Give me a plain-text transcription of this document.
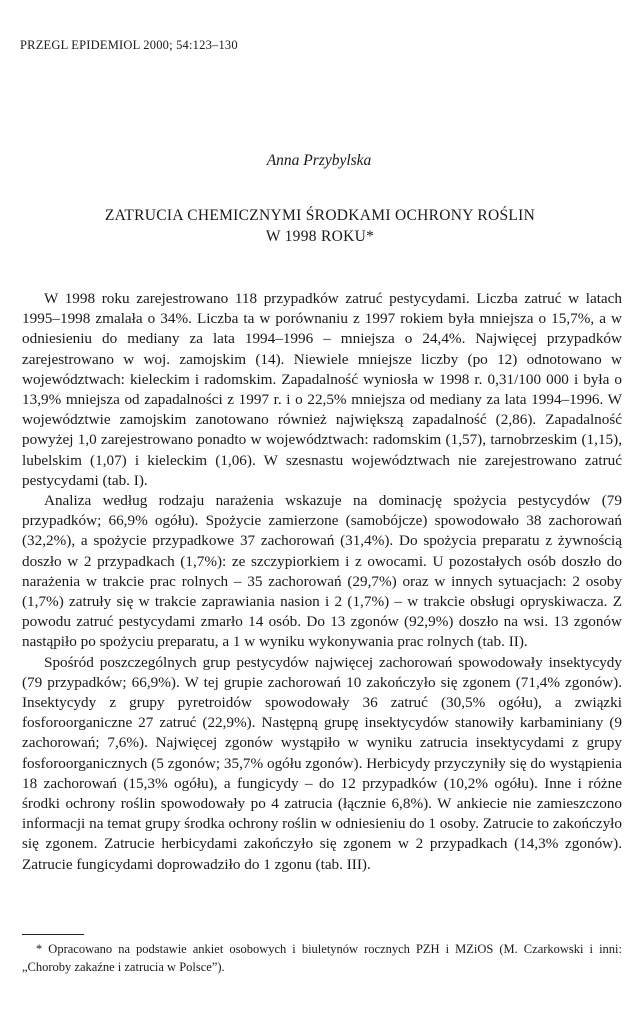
PRZEGL EPIDEMIOL 2000; 54:123–130
Anna Przybylska
ZATRUCIA CHEMICZNYMI ŚRODKAMI OCHRONY ROŚLIN
W 1998 ROKU*

W 1998 roku zarejestrowano 118 przypadków zatruć pestycydami. Liczba zatruć w latach 1995–1998 zmalała o 34%. Liczba ta w porównaniu z 1997 rokiem była mniejsza o 15,7%, a w odniesieniu do mediany za lata 1994–1996 – mniejsza o 24,4%. Najwięcej przypadków zarejestrowano w woj. zamojskim (14). Niewiele mniejsze liczby (po 12) odnotowano w województwach: kieleckim i radomskim. Zapadalność wyniosła w 1998 r. 0,31/100 000 i była o 13,9% mniejsza od zapadalności z 1997 r. i o 22,5% mniejsza od mediany za lata 1994–1996. W województwie zamojskim zanotowano również największą zapadalność (2,86). Zapadalność powyżej 1,0 zarejestrowano ponadto w województwach: radomskim (1,57), tarnobrzeskim (1,15), lubelskim (1,07) i kieleckim (1,06). W szesnastu województwach nie zarejestrowano zatruć pestycydami (tab. I).

Analiza według rodzaju narażenia wskazuje na dominację spożycia pestycydów (79 przypadków; 66,9% ogółu). Spożycie zamierzone (samobójcze) spowodowało 38 zachorowań (32,2%), a spożycie przypadkowe 37 zachorowań (31,4%). Do spożycia preparatu z żywnością doszło w 2 przypadkach (1,7%): ze szczypiorkiem i z owocami. U pozostałych osób doszło do narażenia w trakcie prac rolnych – 35 zachorowań (29,7%) oraz w innych sytuacjach: 2 osoby (1,7%) zatruły się w trakcie zaprawiania nasion i 2 (1,7%) – w trakcie obsługi opryskiwacza. Z powodu zatruć pestycydami zmarło 14 osób. Do 13 zgonów (92,9%) doszło na wsi. 13 zgonów nastąpiło po spożyciu preparatu, a 1 w wyniku wykonywania prac rolnych (tab. II).

Spośród poszczególnych grup pestycydów najwięcej zachorowań spowodowały insektycydy (79 przypadków; 66,9%). W tej grupie zachorowań 10 zakończyło się zgonem (71,4% zgonów). Insektycydy z grupy pyretroidów spowodowały 36 zatruć (30,5% ogółu), a związki fosforoorganiczne 27 zatruć (22,9%). Następną grupę insektycydów stanowiły karbaminiany (9 zachorowań; 7,6%). Najwięcej zgonów wystąpiło w wyniku zatrucia insektycydami z grupy fosforoorganicznych (5 zgonów; 35,7% ogółu zgonów). Herbicydy przyczyniły się do wystąpienia 18 zachorowań (15,3% ogółu), a fungicydy – do 12 przypadków (10,2% ogółu). Inne i różne środki ochrony roślin spowodowały po 4 zatrucia (łącznie 6,8%). W ankiecie nie zamieszczono informacji na temat grupy środka ochrony roślin w odniesieniu do 1 osoby. Zatrucie to zakończyło się zgonem. Zatrucie herbicydami zakończyło się zgonem w 2 przypadkach (14,3% zgonów). Zatrucie fungicydami doprowadziło do 1 zgonu (tab. III).

* Opracowano na podstawie ankiet osobowych i biuletynów rocznych PZH i MZiOS (M. Czarkowski i inni: „Choroby zakaźne i zatrucia w Polsce”).
